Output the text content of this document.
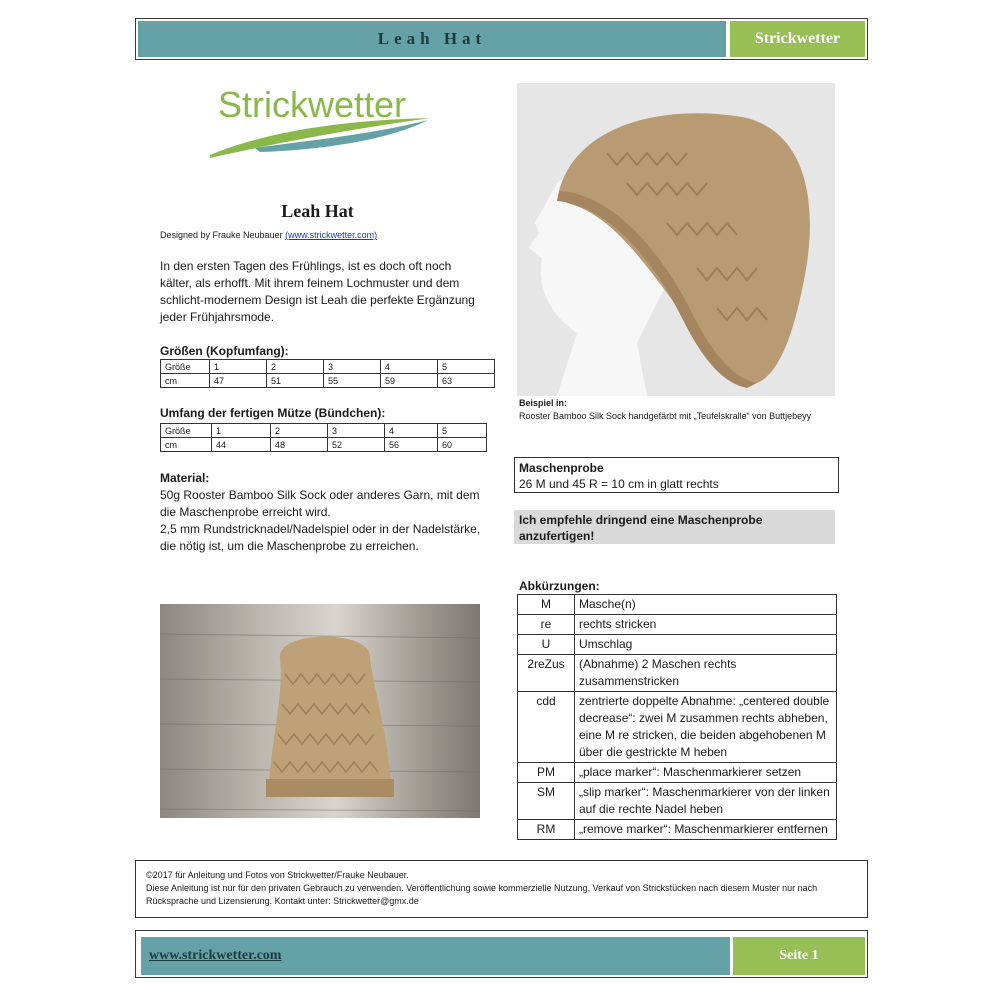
Leah Hat	Strickwetter
Strickwetter
Leah Hat
Designed by Frauke Neubauer (www.strickwetter.com)
In den ersten Tagen des Frühlings, ist es doch oft noch kälter, als erhofft. Mit ihrem feinem Lochmuster und dem schlicht-modernem Design ist Leah die perfekte Ergänzung jeder Frühjahrsmode.
Größen (Kopfumfang):
Größe	1	2	3	4	5
cm	47	51	55	59	63
Umfang der fertigen Mütze (Bündchen):
Größe	1	2	3	4	5
cm	44	48	52	56	60
Material:
50g Rooster Bamboo Silk Sock oder anderes Garn, mit dem die Maschenprobe erreicht wird.
2,5 mm Rundstricknadel/Nadelspiel oder in der Nadelstärke, die nötig ist, um die Maschenprobe zu erreichen.
Beispiel in:
Rooster Bamboo Silk Sock handgefärbt mit „Teufelskralle“ von Buttjebeyy
Maschenprobe
26 M und 45 R = 10 cm in glatt rechts
Ich empfehle dringend eine Maschenprobe anzufertigen!
Abkürzungen:
M	Masche(n)
re	rechts stricken
U	Umschlag
2reZus	(Abnahme) 2 Maschen rechts zusammenstricken
cdd	zentrierte doppelte Abnahme: „centered double decrease“: zwei M zusammen rechts abheben, eine M re stricken, die beiden abgehobenen M über die gestrickte M heben
PM	„place marker“: Maschenmarkierer setzen
SM	„slip marker“: Maschenmarkierer von der linken auf die rechte Nadel heben
RM	„remove marker“: Maschenmarkierer entfernen
©2017 für Anleitung und Fotos von Strickwetter/Frauke Neubauer.
Diese Anleitung ist nur für den privaten Gebrauch zu verwenden. Veröffentlichung sowie kommerzielle Nutzung, Verkauf von Strickstücken nach diesem Muster nur nach Rücksprache und Lizensierung. Kontakt unter: Strickwetter@gmx.de
www.strickwetter.com	Seite 1
